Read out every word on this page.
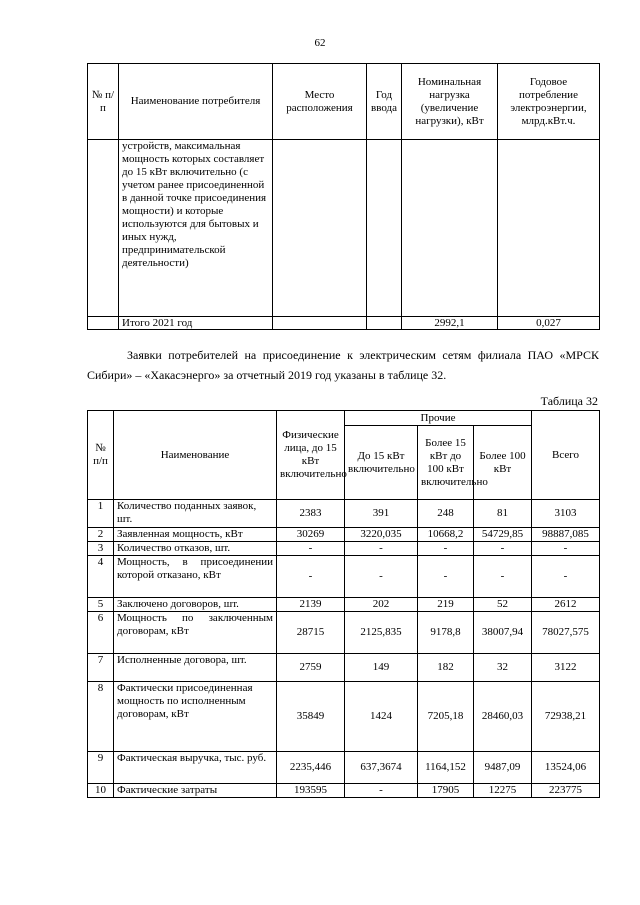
62
№ п/п	Наименование потребителя	Место расположения	Год ввода	Номинальная нагрузка (увеличение нагрузки), кВт	Годовое потребление электроэнергии, млрд.кВт.ч.
	устройств, максимальная мощность которых составляет до 15 кВт включительно (с учетом ранее присоединенной в данной точке присоединения мощности) и которые используются для бытовых и иных нужд, предпринимательской деятельности)				
	Итого 2021 год			2992,1	0,027

Заявки потребителей на присоединение к электрическим сетям филиала ПАО «МРСК Сибири» – «Хакасэнерго» за отчетный 2019 год указаны в таблице 32.

Таблица 32
№ п/п	Наименование	Физические лица, до 15 кВт включительно	Прочие			Всего
			До 15 кВт включительно	Более 15 кВт до 100 кВт включительно	Более 100 кВт	
1	Количество поданных заявок, шт.	2383	391	248	81	3103
2	Заявленная мощность, кВт	30269	3220,035	10668,2	54729,85	98887,085
3	Количество отказов, шт.	-	-	-	-	-
4	Мощность, в присоединении которой отказано, кВт	-	-	-	-	-
5	Заключено договоров, шт.	2139	202	219	52	2612
6	Мощность по заключенным договорам, кВт	28715	2125,835	9178,8	38007,94	78027,575
7	Исполненные договора, шт.	2759	149	182	32	3122
8	Фактически присоединенная мощность по исполненным договорам, кВт	35849	1424	7205,18	28460,03	72938,21
9	Фактическая выручка, тыс. руб.	2235,446	637,3674	1164,152	9487,09	13524,06
10	Фактические затраты	193595	-	17905	12275	223775
